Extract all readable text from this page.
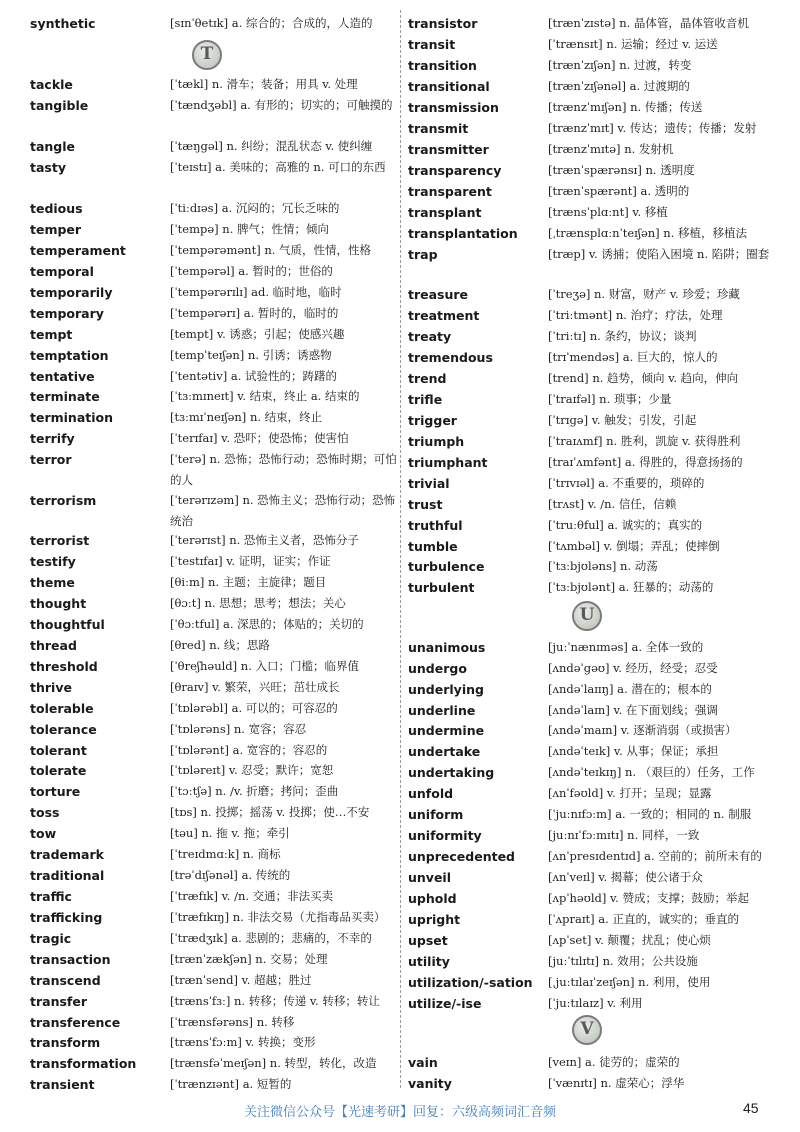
synthetic	[sɪnˈθetɪk] a. 综合的；合成的，人造的
tackle	[ˈtækl] n. 滑车；装备；用具 v. 处理
tangible	[ˈtændʒəbl] a. 有形的；切实的；可触摸的
tangle	[ˈtæŋgəl] n. 纠纷；混乱状态 v. 使纠缠
tasty	[ˈteɪstɪ] a. 美味的；高雅的 n. 可口的东西
tedious	[ˈtiːdɪəs] a. 沉闷的；冗长乏味的
temper	[ˈtempə] n. 脾气；性情；倾向
temperament	[ˈtempərəmənt] n. 气质，性情，性格
temporal	[ˈtempərəl] a. 暂时的；世俗的
temporarily	[ˈtempərərɪlɪ] ad. 临时地，临时
temporary	[ˈtempərərɪ] a. 暂时的，临时的
tempt	[tempt] v. 诱惑；引起；使感兴趣
temptation	[tempˈteɪʃən] n. 引诱；诱惑物
tentative	[ˈtentətiv] a. 试验性的；踌躇的
terminate	[ˈtɜːmɪneɪt] v. 结束，终止 a. 结束的
termination	[tɜːmɪˈneɪʃən] n. 结束，终止
terrify	[ˈterɪfaɪ] v. 恐吓；使恐怖；使害怕
terror	[ˈterə] n. 恐怖；恐怖行动；恐怖时期；可怕的人
terrorism	[ˈterərɪzəm] n. 恐怖主义；恐怖行动；恐怖统治
terrorist	[ˈterərɪst] n. 恐怖主义者，恐怖分子
testify	[ˈtestɪfaɪ] v. 证明，证实；作证
theme	[θiːm] n. 主题；主旋律；题目
thought	[θɔːt] n. 思想；思考；想法；关心
thoughtful	[ˈθɔːtful] a. 深思的；体贴的；关切的
thread	[θred] n. 线；思路
threshold	[ˈθreʃhəuld] n. 入口；门槛；临界值
thrive	[θraɪv] v. 繁荣，兴旺；茁壮成长
tolerable	[ˈtɒlərəbl] a. 可以的；可容忍的
tolerance	[ˈtɒlərəns] n. 宽容；容忍
tolerant	[ˈtɒlərənt] a. 宽容的；容忍的
tolerate	[ˈtɒləreɪt] v. 忍受；默许；宽恕
torture	[ˈtɔːtʃə] n. /v. 折磨；拷问；歪曲
toss	[tɒs] n. 投掷；摇荡 v. 投掷；使…不安
tow	[təu] n. 拖 v. 拖；牵引
trademark	[ˈtreɪdmɑːk] n. 商标
traditional	[trəˈdɪʃənəl] a. 传统的
traffic	[ˈtræfɪk] v. /n. 交通；非法买卖
trafficking	[ˈtræfɪkɪŋ] n. 非法交易（尤指毒品买卖）
tragic	[ˈtrædʒɪk] a. 悲剧的；悲痛的，不幸的
transaction	[trænˈzækʃən] n. 交易；处理
transcend	[trænˈsend] v. 超越；胜过
transfer	[trænsˈfɜː] n. 转移；传递 v. 转移；转让
transference	[ˈtrænsfərəns] n. 转移
transform	[trænsˈfɔːm] v. 转换；变形
transformation	[trænsfəˈmeɪʃən] n. 转型，转化，改造
transient	[ˈtrænzɪənt] a. 短暂的
transistor	[trænˈzɪstə] n. 晶体管，晶体管收音机
transit	[ˈtrænsɪt] n. 运输；经过 v. 运送
transition	[trænˈzɪʃən] n. 过渡，转变
transitional	[trænˈzɪʃənəl] a. 过渡期的
transmission	[trænzˈmɪʃən] n. 传播；传送
transmit	[trænzˈmɪt] v. 传达；遗传；传播；发射
transmitter	[trænzˈmɪtə] n. 发射机
transparency	[trænˈspærənsɪ] n. 透明度
transparent	[trænˈspærənt] a. 透明的
transplant	[trænsˈplɑːnt] v. 移植
transplantation	[ˌtrænsplɑːnˈteɪʃən] n. 移植，移植法
trap	[træp] v. 诱捕；使陷入困境 n. 陷阱；圈套
treasure	[ˈtreʒə] n. 财富，财产 v. 珍爱；珍藏
treatment	[ˈtriːtmənt] n. 治疗；疗法，处理
treaty	[ˈtriːtɪ] n. 条约，协议；谈判
tremendous	[trɪˈmendəs] a. 巨大的，惊人的
trend	[trend] n. 趋势，倾向 v. 趋向，伸向
trifle	[ˈtraɪfəl] n. 琐事；少量
trigger	[ˈtrɪgə] v. 触发；引发，引起
triumph	[ˈtraɪʌmf] n. 胜利，凯旋 v. 获得胜利
triumphant	[traɪˈʌmfənt] a. 得胜的，得意扬扬的
trivial	[ˈtrɪvɪəl] a. 不重要的，琐碎的
trust	[trʌst] v. /n. 信任，信赖
truthful	[ˈtruːθful] a. 诚实的；真实的
tumble	[ˈtʌmbəl] v. 倒塌；弄乱；使摔倒
turbulence	[ˈtɜːbjʊləns] n. 动荡
turbulent	[ˈtɜːbjʊlənt] a. 狂暴的；动荡的
unanimous	[juːˈnænɪməs] a. 全体一致的
undergo	[ʌndəˈgəʊ] v. 经历，经受；忍受
underlying	[ʌndəˈlaɪɪŋ] a. 潜在的；根本的
underline	[ʌndəˈlaɪn] v. 在下面划线；强调
undermine	[ʌndəˈmaɪn] v. 逐渐消弱（或损害）
undertake	[ʌndəˈteɪk] v. 从事；保证；承担
undertaking	[ʌndəˈteɪkɪŋ] n. （艰巨的）任务，工作
unfold	[ʌnˈfəʊld] v. 打开；呈现；显露
uniform	[ˈjuːnɪfɔːm] a. 一致的；相同的 n. 制服
uniformity	[juːnɪˈfɔːmɪtɪ] n. 同样，一致
unprecedented	[ʌnˈpresɪdentɪd] a. 空前的；前所未有的
unveil	[ʌnˈveɪl] v. 揭幕；使公诸于众
uphold	[ʌpˈhəʊld] v. 赞成；支撑；鼓励；举起
upright	[ˈʌpraɪt] a. 正直的，诚实的；垂直的
upset	[ʌpˈset] v. 颠覆；扰乱；使心烦
utility	[juːˈtɪlɪtɪ] n. 效用；公共设施
utilization/-sation [ˌjuːtɪlaɪˈzeɪʃən] n. 利用，使用
utilize/-ise	[ˈjuːtɪlaɪz] v. 利用
vain	[veɪn] a. 徒劳的；虚荣的
vanity	[ˈvænɪtɪ] n. 虚荣心；浮华
T
U
V
关注微信公众号【光速考研】回复：六级高频词汇音频	45
